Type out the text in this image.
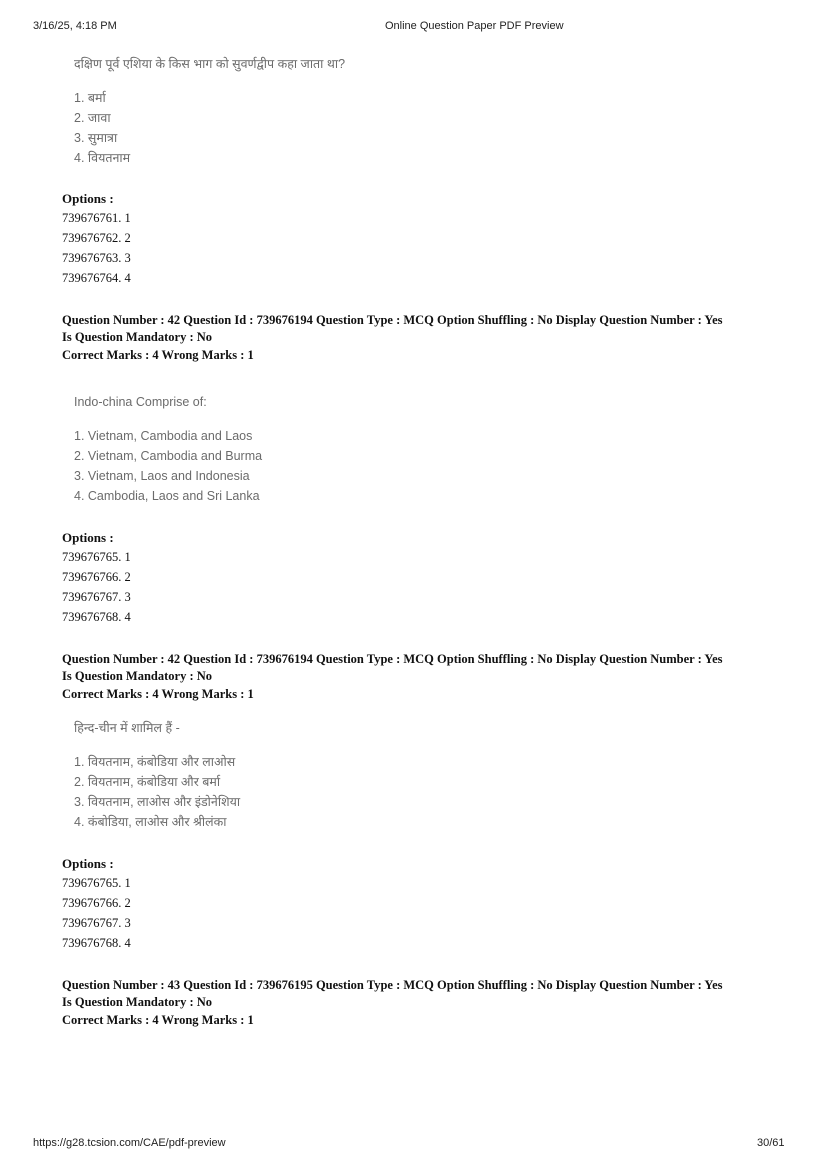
3/16/25, 4:18 PM	Online Question Paper PDF Preview
दक्षिण पूर्व एशिया के किस भाग को सुवर्णद्वीप कहा जाता था?
1. बर्मा
2. जावा
3. सुमात्रा
4. वियतनाम
Options :
739676761. 1
739676762. 2
739676763. 3
739676764. 4
Question Number : 42 Question Id : 739676194 Question Type : MCQ Option Shuffling : No Display Question Number : Yes
Is Question Mandatory : No
Correct Marks : 4 Wrong Marks : 1
Indo-china Comprise of:
1. Vietnam, Cambodia and Laos
2. Vietnam, Cambodia and Burma
3. Vietnam, Laos and Indonesia
4. Cambodia, Laos and Sri Lanka
Options :
739676765. 1
739676766. 2
739676767. 3
739676768. 4
Question Number : 42 Question Id : 739676194 Question Type : MCQ Option Shuffling : No Display Question Number : Yes
Is Question Mandatory : No
Correct Marks : 4 Wrong Marks : 1
हिन्द-चीन में शामिल हैं -
1. वियतनाम, कंबोडिया और लाओस
2. वियतनाम, कंबोडिया और बर्मा
3. वियतनाम, लाओस और इंडोनेशिया
4. कंबोडिया, लाओस और श्रीलंका
Options :
739676765. 1
739676766. 2
739676767. 3
739676768. 4
Question Number : 43 Question Id : 739676195 Question Type : MCQ Option Shuffling : No Display Question Number : Yes
Is Question Mandatory : No
Correct Marks : 4 Wrong Marks : 1
https://g28.tcsion.com/CAE/pdf-preview	30/61
